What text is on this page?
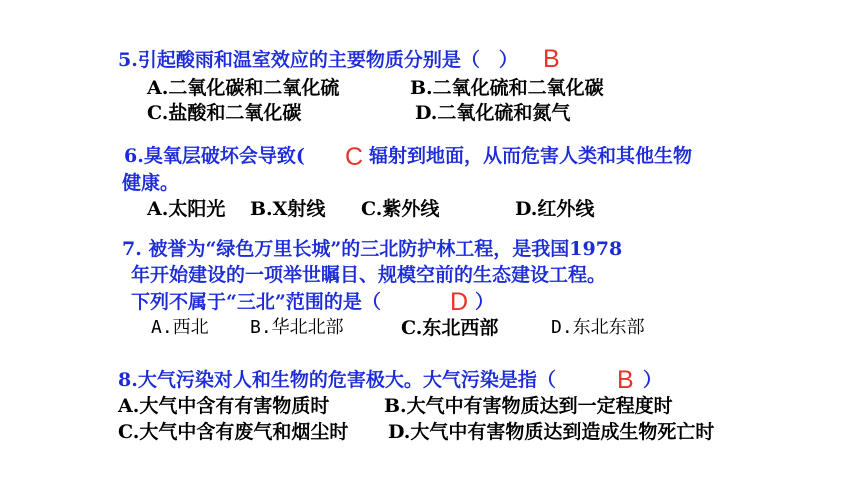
5.引起酸雨和温室效应的主要物质分别是（　） B
A.二氧化碳和二氧化硫	B.二氧化硫和二氧化碳
C.盐酸和二氧化碳	D.二氧化硫和氮气
6.臭氧层破坏会导致( C 辐射到地面，从而危害人类和其他生物
健康。
A.太阳光 B.X射线 C.紫外线	D.红外线
7. 被誉为“绿色万里长城”的三北防护林工程，是我国1978
年开始建设的一项举世瞩目、规模空前的生态建设工程。
下列不属于“三北”范围的是（	D ）
A.西北 B.华北北部	C.东北西部	D.东北东部
8.大气污染对人和生物的危害极大。大气污染是指（ B ）
A.大气中含有有害物质时	B.大气中有害物质达到一定程度时
C.大气中含有废气和烟尘时 D.大气中有害物质达到造成生物死亡时
